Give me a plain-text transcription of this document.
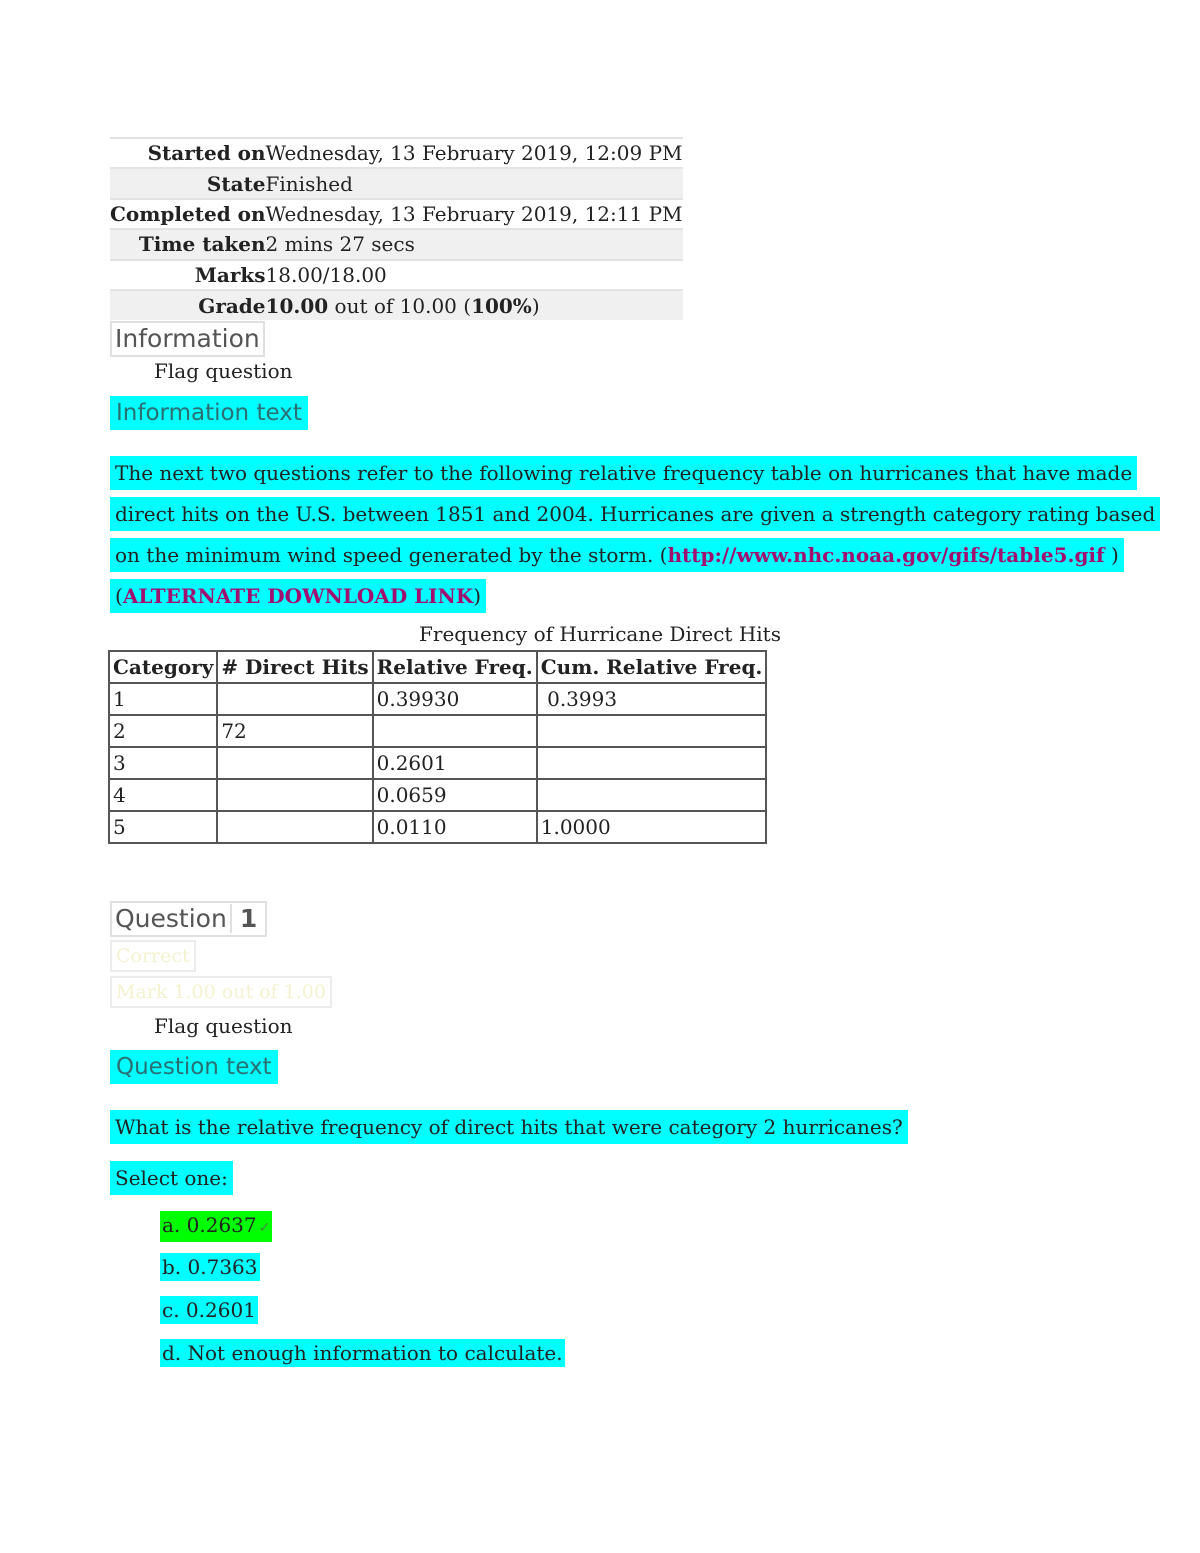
Started on	Wednesday, 13 February 2019, 12:09 PM
State	Finished
Completed on	Wednesday, 13 February 2019, 12:11 PM
Time taken	2 mins 27 secs
Marks	18.00/18.00
Grade	10.00 out of 10.00 (100%)
Information
Flag question
Information text
The next two questions refer to the following relative frequency table on hurricanes that have made
direct hits on the U.S. between 1851 and 2004. Hurricanes are given a strength category rating based
on the minimum wind speed generated by the storm. (http://www.nhc.noaa.gov/gifs/table5.gif )
(ALTERNATE DOWNLOAD LINK)
Frequency of Hurricane Direct Hits
Category	# Direct Hits	Relative Freq.	Cum. Relative Freq.
1		0.39930	0.3993
2	72		
3		0.2601	
4		0.0659	
5		0.0110	1.0000
Question 1
Correct
Mark 1.00 out of 1.00
Flag question
Question text
What is the relative frequency of direct hits that were category 2 hurricanes?
Select one:
a. 0.2637 ✓
b. 0.7363
c. 0.2601
d. Not enough information to calculate.
